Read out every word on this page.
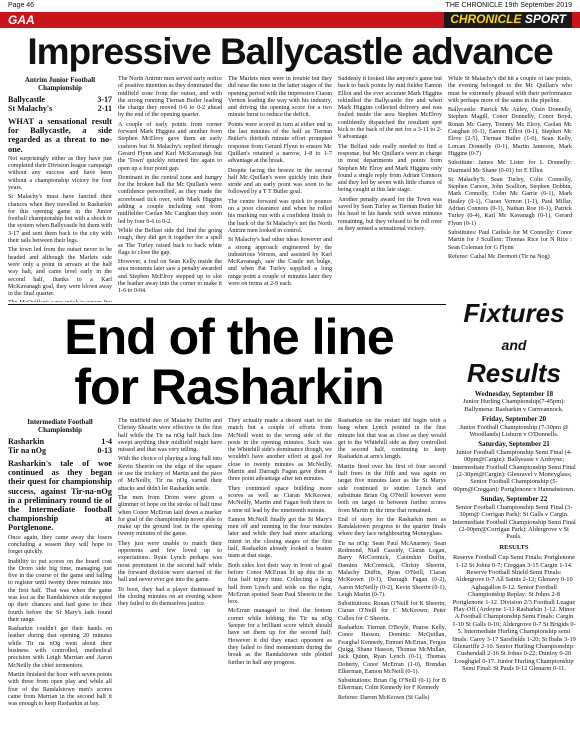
Page 46	THE CHRONICLE 19th September 2019
GAA	CHRONICLE SPORT
Impressive Ballycastle advance
Antrim Junior Football Championship
Ballycastle	3-17
St Malachy's	2-11

WHAT a sensational result for Ballycastle, a side regarded as a threat to no-one.

Not surprisingly either as they have just completed their Division league campaign without any success and have been without a championship victory for four years.

St Malachy's must have fancied their chances when they travelled to Rasharkin for this opening game in the Junior football championship but with a shock to the system when Ballycastle hit them with 3-17 and sent them back to the city with their tails between their legs.

The town led from the outset never to be headed and although the Marlets side were only a point in arrears at the half way halt, and came level early in the second half, thanks to a Karl McKavanagh goal, they were blown away in the final quarter.

The North Antrim men served early notice of positive intention as they dominated the midfield zone from the outset, and with the strong running Tiernan Butler leading the charge they moved 0-6 to 0-2 ahead by the end of the opening quarter.

A couple of early points from corner forward Mark Higgins and another from Stephen McElroy gave them an early cushion but St Malachy's replied through Gerard Flynn and Karl McKavanagh but the 'Town' quickly returned fire again to open up a four point gap.

Dominant in the central zone and hungry for the broken ball the Mc Quillan's were confidence personified, as they made the scoreboard tick over, with Mark Higgins adding a couple including one from midfielder Caolan Mc Caughan they soon led by four 0-6 to 0-2.

While the Belfast side did find the going tough, they did get it together for a spell as The Turley raised back to back white flags to close the gap.

However, a foul on Sean Kelly inside the area moments later saw a penalty awarded and Stephen McElroy stepped up to slot the leather away into the corner to make it 1-6 to 0-04.

The Marlets men were in trouble but they did raise the tone in the latter stages of the opening period with the impressive Ciaran Vernon leading the way with his industry, and driving the opening score for a two minute burst to reduce the deficit.

Points were scored in turn at either end in the last minutes of the half as Tiernan Butler's thirtieth minute effort prompted response from Gerard Flynn to ensure Mc Quillan's retained a narrow, 1-8 to 1-7 advantage at the break.

Despite facing the breeze in the second half Mc Quillan's were quickly into their stride and an early point was soon to be followed by a T T Butler goal.

The centre forward was quick to pounce on a poor clearance and when he rolled his marking run with a confident finish to the back of the St Malachy's net the North Antrim men looked in control.

St Malachy's had other ideas however and a strong approach engineered by the industrious Vernon, and assisted by Karl McKavanagh, saw the Castle net bulge, and when Pat Turley supplied a long range point a couple of minutes later they were on terms at 2-9 each.

Suddenly it looked like anyone's game but back to back points by mid fielder Eamon Elliot and the ever accurate Mark Higgins rekindled the Ballycastle fire and when Mark Higgins collected delivery and was fouled inside the area Stephen McElroy confidently dispatched the resultant spot kick to the back of the net for a 3-11 to 2-9 advantage.

The Belfast side really needed to find a response, but Mc Quillan's were in charge in most departments and points from Stephen Mc Elroy and Mark Higgins only found a single reply from Adrian Connors and they led by seven with little chance of being caught at this late stage.

Another penalty award for the Town was saved by Sean Turley as Tiernan Butler hit his head in his hands with seven minutes remaining, but they refused to be roll over as they sensed a sensational victory.

While St Malachy's did hit a couple of late points, the evening belonged to the Mc Quillan's who must be extremely pleased with their performance with perhaps more of the same in the pipeline.

Ballycastle: Patrick Mc Auley, Oisin Donnelly, Stephen Magill, Conor Donnelly, Conor Boyd, Ronan Mc Garry, Tommy Mc Elroy, Caolan Mc Caughan (0-1), Eamon Elliot (0-1), Stephen Mc Elroy (2-5), Tiernan Butler (1-0), Sean Kelly, Lorcan Donnelly (0-1), Martin Jameson, Mark Higgins (0-7)

Substitute: James Mc Lister for L Donnelly: Diarmaid Mc Shane (0-01) for E Elliot

St Malachy'S: Sean Turley, Colie Connolly, Stephen Carson, John Scallion, Stephen Dobbin, Mark Connolly, Colm Mc Garrie (0-1), Mark Healey (0-1), Ciaran Vernon (1-1), Paul Millar, Adrian Connors (0-1), Nathan Roe (0-1), Patrick Turley (0-4), Karl Mc Kavanagh (0-1), Gerard Flynn (0-1)

Substitutes: Paul Carlisle for M Connolly: Conor Martin for J Scullion: Thomas Rice for N Rice : Sean Coleman for G Flynn

Referee: Cathal Mc Dermott (Tir na Nog)

End of the line
for Rasharkin
Intermediate Football Championship
Rasharkin	1-4
Tir na nOg	0-13

Rasharkin's tale of woe continued as they began their quest for championship success, against Tir-na-nOg in a preliminary round tie of the Intermediate football championship at Portglenone.

Once again, they came away the losers concluding a season they will hope to forget quickly.

Inability to put scores on the board cost the Drom side big time, managing just five in the course of the game and failing to register until twenty three minutes into the first half. That was when the game was lost as the Randalstown side mopped up their chances and had gone to their fourth before the St Mary's lads found their range.

Rasharkin couldn't get their hands on leather during that opening 20 minutes while Tir na nOg went about their business with controlled, methodical precision with Leigh Marrian and Aaron McNeilly the chief tormentors.

Martin finished the hour with seven points with three from open play and while all four of the Randalstown men's scores came from Marrian in the second half it was enough to keep Rasharkin at bay.

The midfield duo of Malachy Duffin and Christy Shearin were effective in the first half while the Tir na nOg half back line swept anything their midfield might have missed and that was very telling.

With the choice of playing a long ball into Kevin Sheerin on the edge of the square or use the trickery of Martin and the pace of McNeilly, Tir na nOg varied their attacks and didn't let Rasharkin settle.

The men from Drom were given a glimmer of hope on the stroke of half time when Conor McErran laid down a marker for goal of the championship never able to make up the ground lost in the opening twenty minutes of the game.

They just were unable to match their opponents and few loved up to expectations. Ryan Lynch perhaps was most prominent in the second half while the forward division were starved of the ball and never ever got into the game.

To boot, they had a player dismissed in the closing minutes on an evening where they failed to do themselves justice.

They actually made a decent start to the match but a couple of efforts from McNeill went to the wrong side of the posts in the opening minutes. Such was the Whitehill side's dominance though, we wouldn't have another effort at goal for close to twenty minutes as McNeilly, Martin and Darragh Fagan gave them a three point advantage after ten minutes.

They continued space building more scores as well as Ciaran McKeown, McNeilly, Martin and Fagan both there to a nine nil lead by the nineteenth minute.

Eamon McNeill finally got the St Mary's men off and running in the four minutes later and while they had more attacking intent in the closing stages of the first half, Rasharkin already looked a beaten team at that stage.

Both sides lost their way in front of goal before Conor McErran lit up this tie in first half injury time. Collecting a long ball from Lynch and wide on the right, McErran spotted Sean Paul Sheerin in the box.

McErran managed to find the bottom corner while lobbing the Tir na nOg 'keeper for a brilliant score which should have set them up for the second half. However it did they enact opponent as they failed to find momentum during the break as the Randalstown side plotted further in half any progress.

Rasharkin on the restart did begin with a bang when Lynch pointed in the first minute but that was as close as they would get to the Whitehill side as they controlled the second half, continuing to keep Rasharkin at arm's length.

Martin fired over his first of four second half frees in the fifth and was again on target five minutes later as the St Marys side continued to stutter. Lynch and substitute Brian Og O'Neill however were both on target in between further scores from Martin in the time that remained.

End of story for the Rasharkin men as Randalstown progress to the quarter finals where they face neighbouring Moneyglass.

Tir na nOg: Sean Paul McAnarney, Sean Redmond, Niall Cassidy, Ciaran Logan, Barry McCormick, Caoimhin Duffin, Damien McCormick, Christy Sheerin, Malachy Duffin, Ryan O'Neill, Ciaran McKeown (0-1), Darragh Fagan (0-2), Aaron McNeilly (0-2), Kevin Sheerin (0-1), Leigh Martin (0-7).

Substitutions: Ronan O'Neill for K Sheerin; Ciaran O'Neill for C McKeown; Peter Cullen for C Sheerin.

Rasharkin: Tiernan O'Boyle, Pearse Kelly, Conor Hasson, Dominic McQuillan, Fearghal Kennedy, Emmet McErran, Fergus Quigg, Shane Hasson, Thomas McMullan, Jack Quinn, Ryan Lynch (0-1), Thomas Doherty, Conor McErran (1-0), Brendan Elkerman, Eamon McNeill (0-1).

Substitutions: Brian Og O'Neill (0-1) for B Elkerman; Colm Kennedy for F Kennedy

Referee: Darren McKeown (St Galls)

Fixtures
and Results
Wednesday, September 18

Junior Hurling Championship(7-45pm): Ballymena: Rasharkin v Carnvannock.

Friday, September 20

Junior Football Championship (7-30pm @ Woodlands) Lisburn v O'Donnells.

Saturday, September 21

Junior Football Championship Semi Final (4-00pm@Cargin): Ballyeaste v Ardoyne; Intermediate Football Championship Semi Final (2-30pm@Cargin): Glenravel v Moneyglass; Senior Football Championship (5-00pm@Creggan): Portglenone v Hannahstown.

Sunday, September 22

Senior Football Championship Semi Final (3-30pm@ Corrigan Park): St Galls v Cargin. Intermediate Football Championship Semi Final (2-00pm@Corrigan Park): Aldergrove v St Pauls.

RESULTS

Reserve Football Cup Semi Finals: Portglenone 1-12 St Johns 0-7; Creggan 3-15 Cargin 1-14. Reserve Football Shield Semi Finals: Aldergrove 0-7 All Saints 2-12; Glenavy 0-10 Aghagallon 0-12. Senior Football Championship Replay: St Johns 2-8 Portglenone 1-12. Division 2/3 Football League Play-Off (Ardoyne 1-11 Rasharkin 1-12. Minor A Football Championship Semi Finals: Cargin 1-10 St Galls 0-10; Aldergrove 0-7 St Brigids 0-5. Intermediate Hurling Championship semi finals: Carey 3-17 Sarsfields 1-20; St Ibahs 3-19 Glenariffe 2-10. Senior Hurling Championship: Cushendall 2-16 St Johns 0-22; Dunloy 0-20 Loughgiel 0-17. Junior Hurling Championship Semi Final: St Pauls 0-12 Glenarm 0-11.
